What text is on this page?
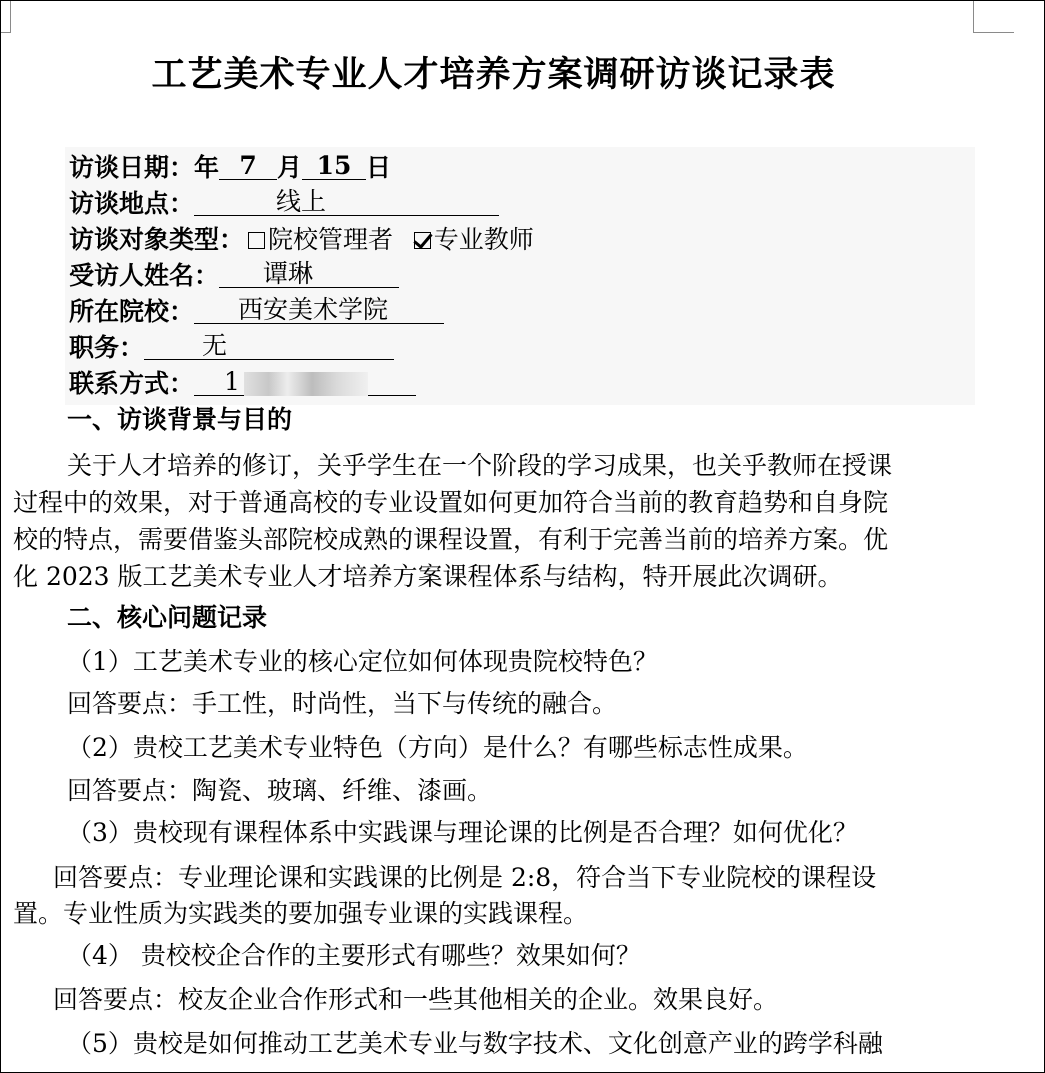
工艺美术专业人才培养方案调研访谈记录表
访谈日期：年 7 月 15 日
访谈地点：	线上
访谈对象类型： 院校管理者 专业教师
受访人姓名： 谭琳
所在院校： 西安美术学院
职务： 无
联系方式： 1
一、访谈背景与目的
关于人才培养的修订，关乎学生在一个阶段的学习成果，也关乎教师在授课
过程中的效果，对于普通高校的专业设置如何更加符合当前的教育趋势和自身院
校的特点，需要借鉴头部院校成熟的课程设置，有利于完善当前的培养方案。优
化 2023 版工艺美术专业人才培养方案课程体系与结构，特开展此次调研。
二、核心问题记录
（1）工艺美术专业的核心定位如何体现贵院校特色？
回答要点：手工性，时尚性，当下与传统的融合。
（2）贵校工艺美术专业特色（方向）是什么？有哪些标志性成果。
回答要点：陶瓷、玻璃、纤维、漆画。
（3）贵校现有课程体系中实践课与理论课的比例是否合理？如何优化？
回答要点：专业理论课和实践课的比例是 2:8，符合当下专业院校的课程设
置。专业性质为实践类的要加强专业课的实践课程。
（4） 贵校校企合作的主要形式有哪些？效果如何？
回答要点：校友企业合作形式和一些其他相关的企业。效果良好。
（5）贵校是如何推动工艺美术专业与数字技术、文化创意产业的跨学科融
